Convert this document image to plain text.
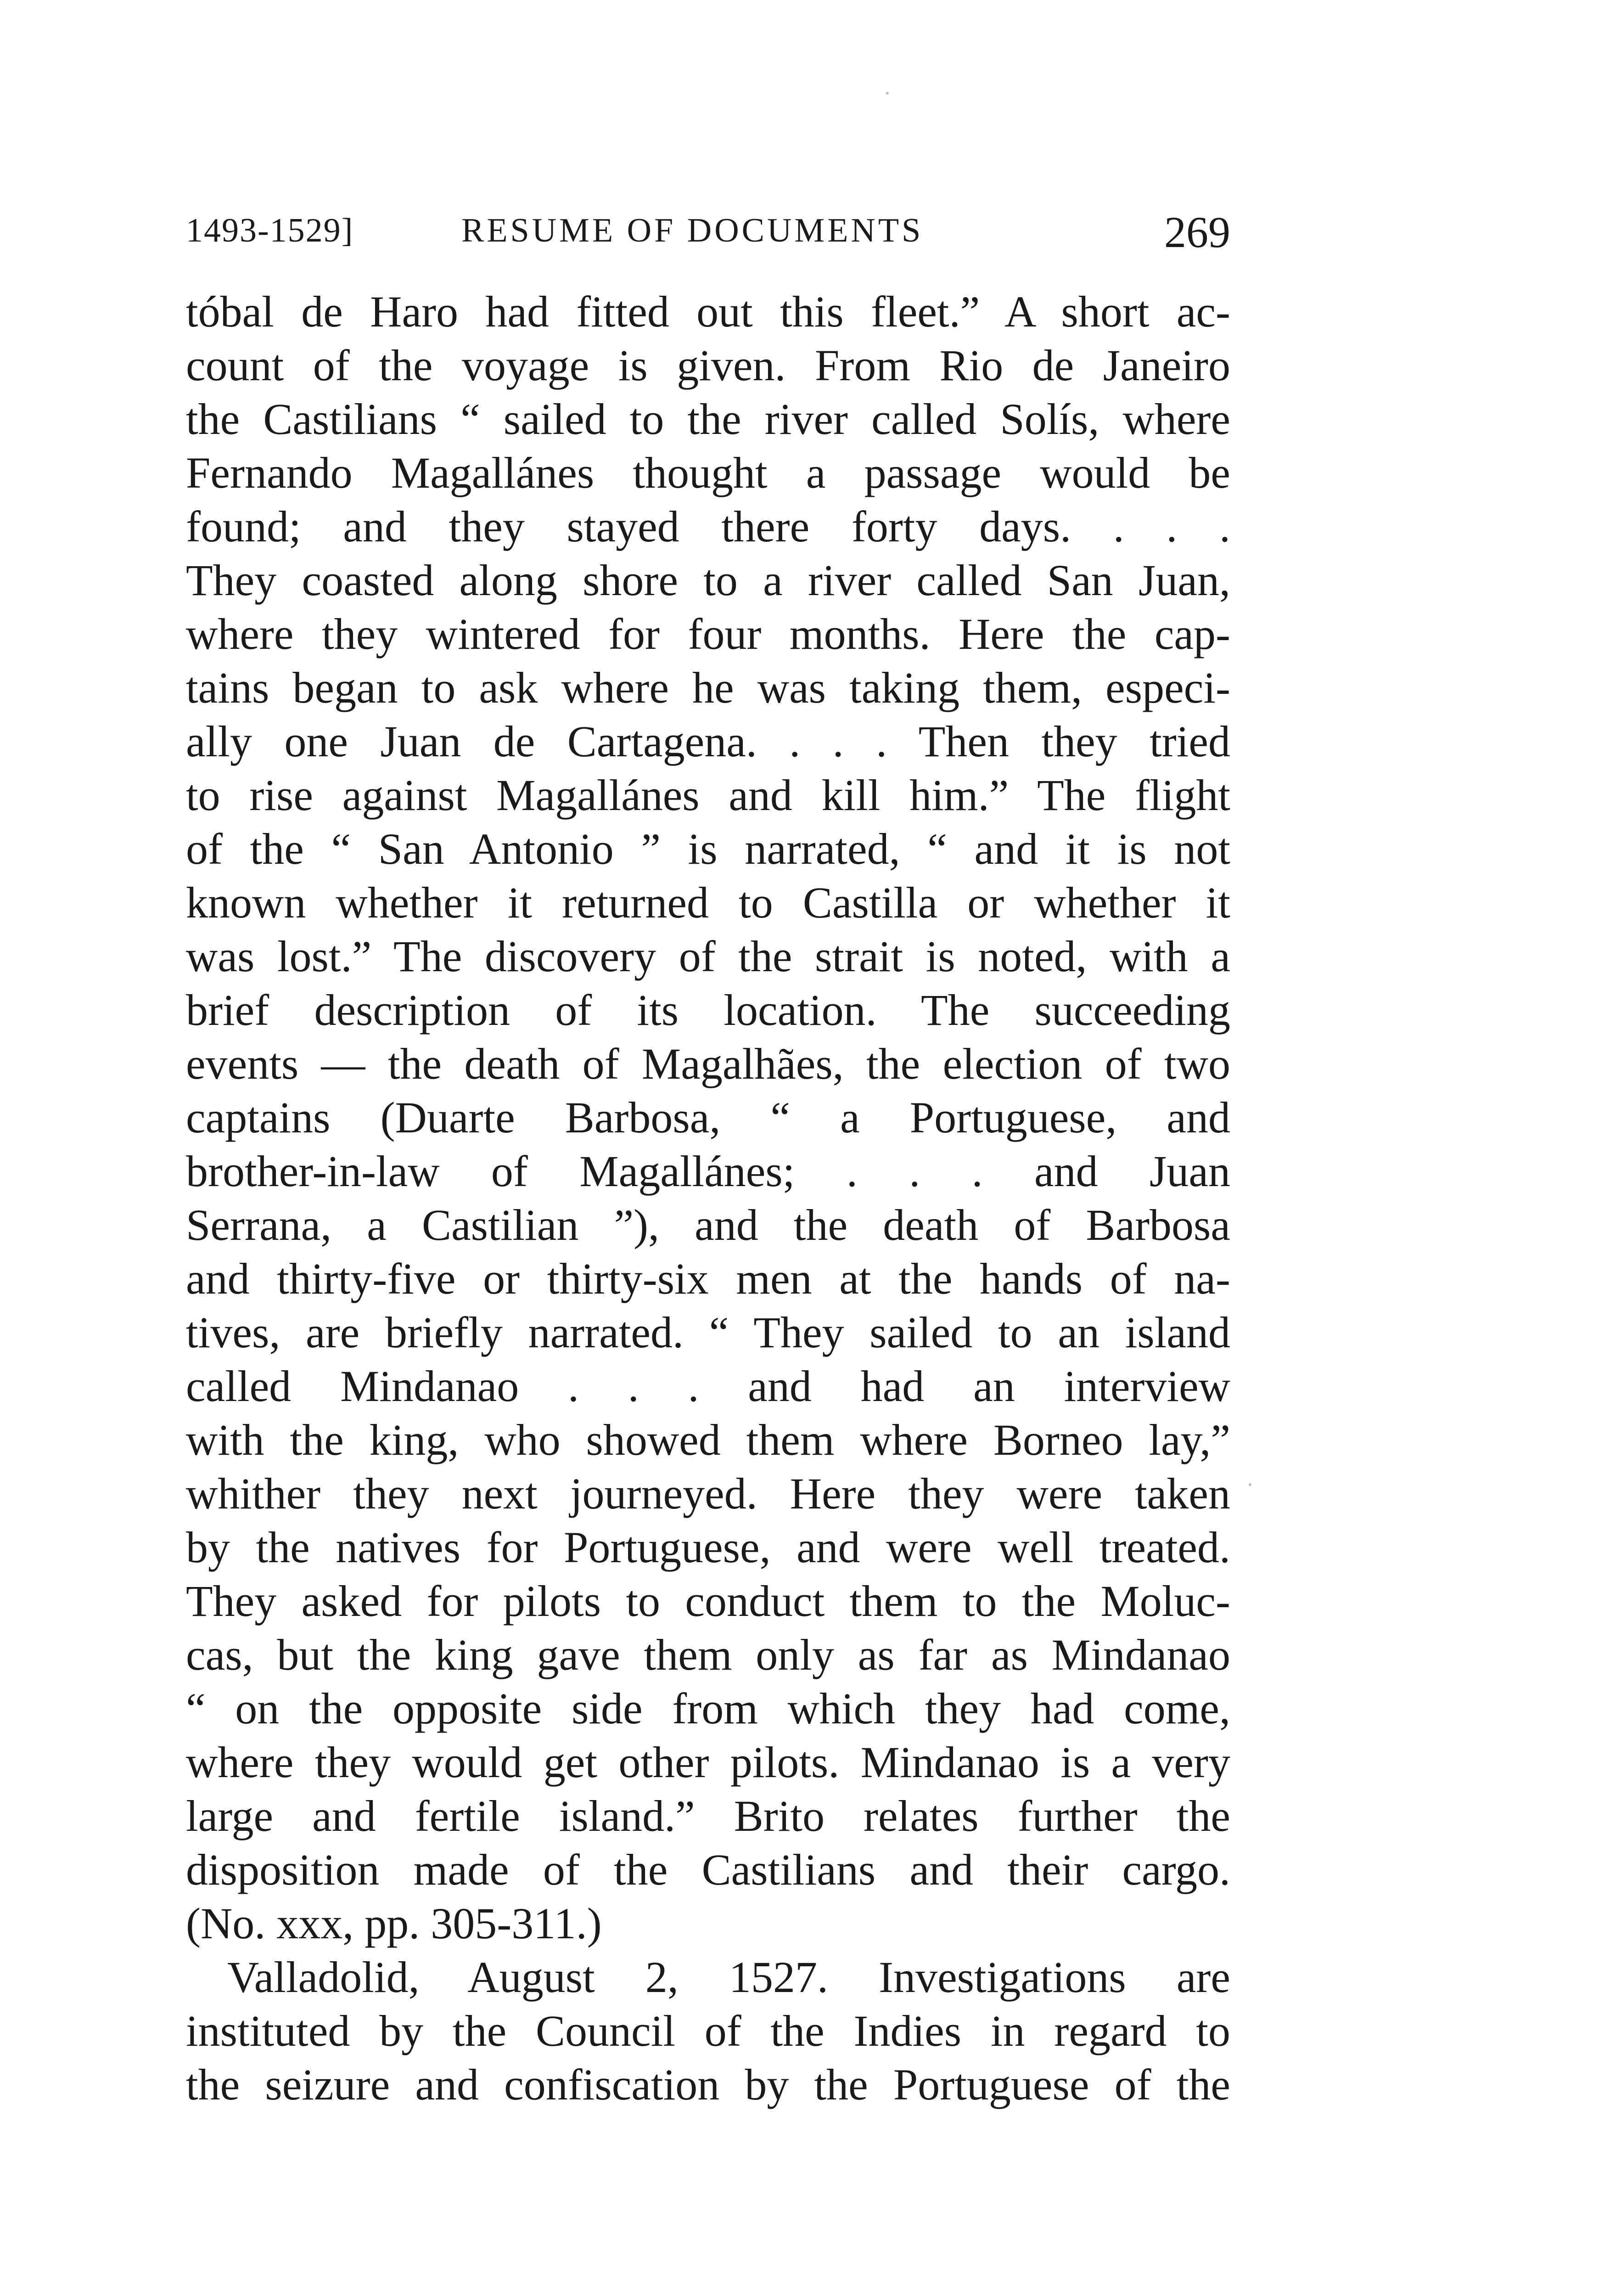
1493-1529]	RESUME OF DOCUMENTS	269
tóbal de Haro had fitted out this fleet.” A short ac-
count of the voyage is given. From Rio de Janeiro
the Castilians “ sailed to the river called Solís, where
Fernando Magallánes thought a passage would be
found; and they stayed there forty days. . . .
They coasted along shore to a river called San Juan,
where they wintered for four months. Here the cap-
tains began to ask where he was taking them, especi-
ally one Juan de Cartagena. . . . Then they tried
to rise against Magallánes and kill him.” The flight
of the “ San Antonio ” is narrated, “ and it is not
known whether it returned to Castilla or whether it
was lost.” The discovery of the strait is noted, with a
brief description of its location. The succeeding
events — the death of Magalhães, the election of two
captains (Duarte Barbosa, “ a Portuguese, and
brother-in-law of Magallánes; . . . and Juan
Serrana, a Castilian ”), and the death of Barbosa
and thirty-five or thirty-six men at the hands of na-
tives, are briefly narrated. “ They sailed to an island
called Mindanao . . . and had an interview
with the king, who showed them where Borneo lay,”
whither they next journeyed. Here they were taken
by the natives for Portuguese, and were well treated.
They asked for pilots to conduct them to the Moluc-
cas, but the king gave them only as far as Mindanao
“ on the opposite side from which they had come,
where they would get other pilots. Mindanao is a very
large and fertile island.” Brito relates further the
disposition made of the Castilians and their cargo.
(No. xxx, pp. 305-311.)
Valladolid, August 2, 1527. Investigations are
instituted by the Council of the Indies in regard to
the seizure and confiscation by the Portuguese of the
